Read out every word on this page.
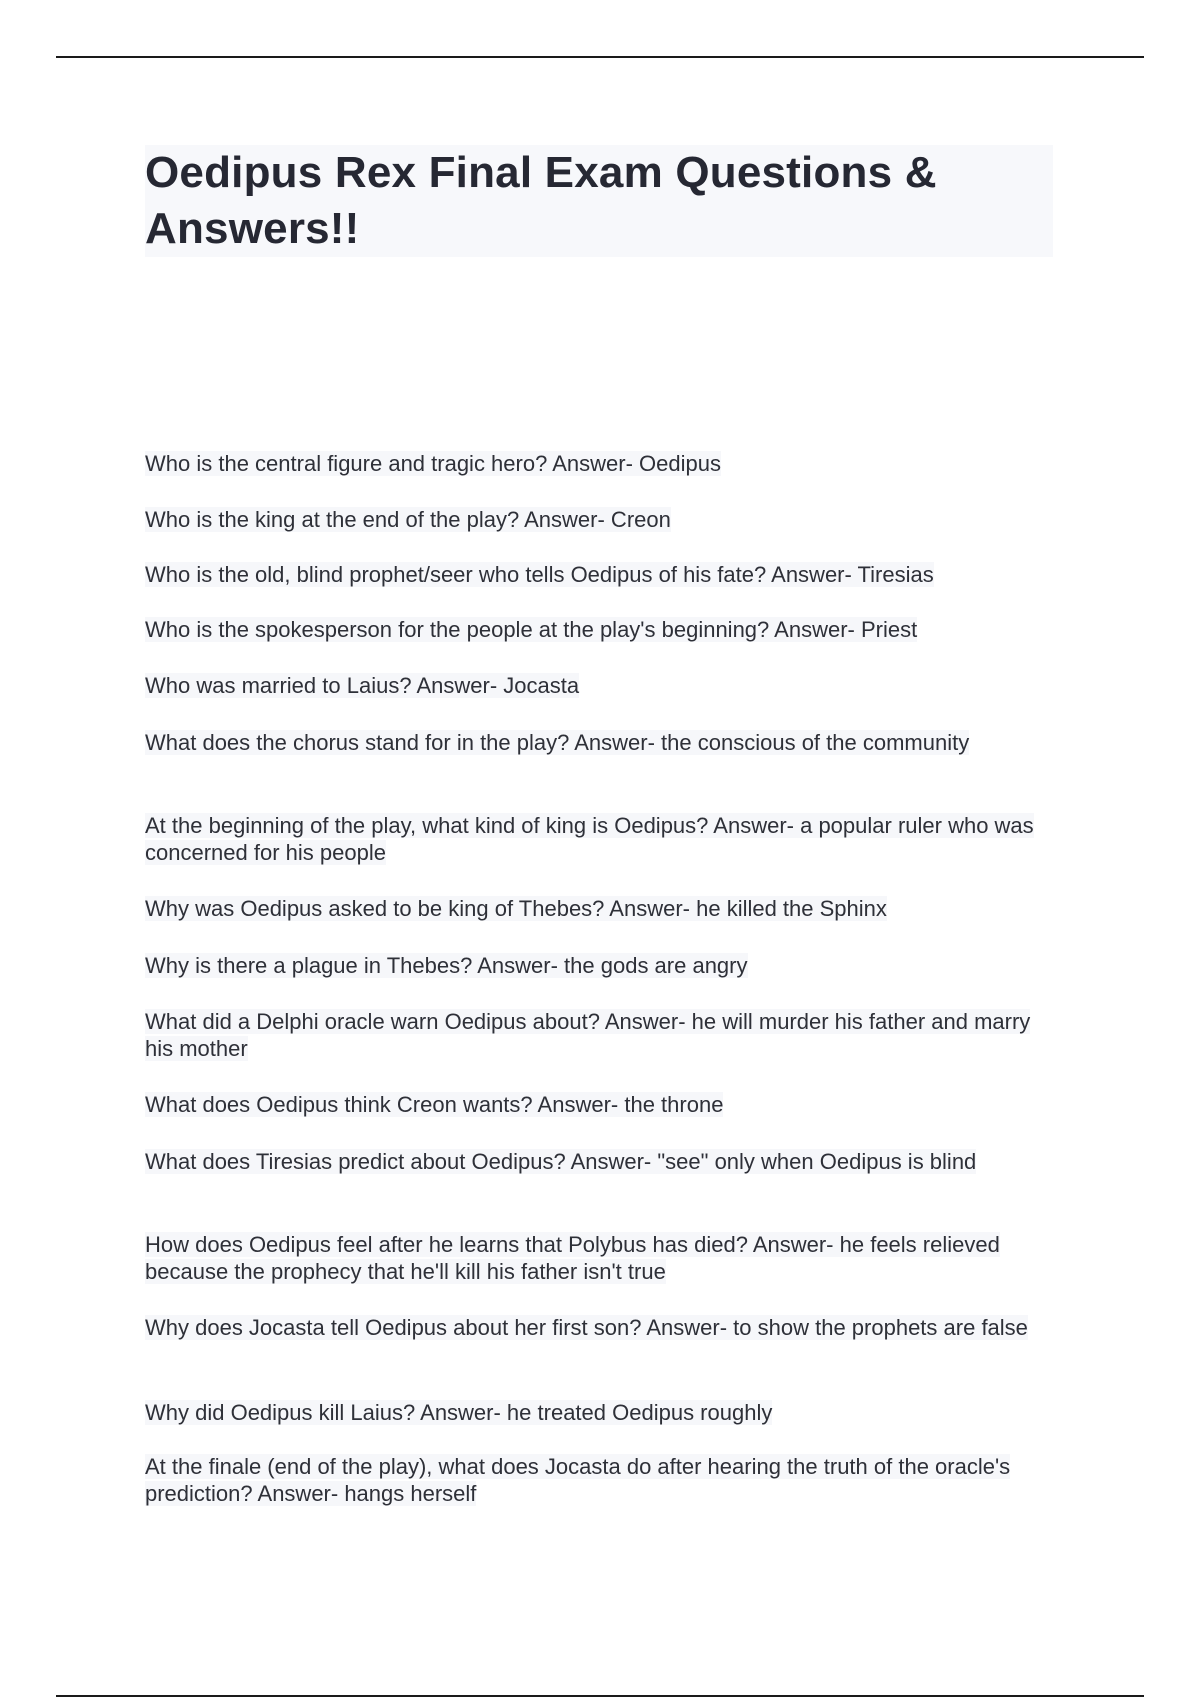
Oedipus Rex Final Exam Questions & Answers!!
Who is the central figure and tragic hero? Answer- Oedipus
Who is the king at the end of the play? Answer- Creon
Who is the old, blind prophet/seer who tells Oedipus of his fate? Answer- Tiresias
Who is the spokesperson for the people at the play's beginning? Answer- Priest
Who was married to Laius? Answer- Jocasta
What does the chorus stand for in the play? Answer- the conscious of the community
At the beginning of the play, what kind of king is Oedipus? Answer- a popular ruler who was concerned for his people
Why was Oedipus asked to be king of Thebes? Answer- he killed the Sphinx
Why is there a plague in Thebes? Answer- the gods are angry
What did a Delphi oracle warn Oedipus about? Answer- he will murder his father and marry his mother
What does Oedipus think Creon wants? Answer- the throne
What does Tiresias predict about Oedipus? Answer- "see" only when Oedipus is blind
How does Oedipus feel after he learns that Polybus has died? Answer- he feels relieved because the prophecy that he'll kill his father isn't true
Why does Jocasta tell Oedipus about her first son? Answer- to show the prophets are false
Why did Oedipus kill Laius? Answer- he treated Oedipus roughly
At the finale (end of the play), what does Jocasta do after hearing the truth of the oracle's prediction? Answer- hangs herself
